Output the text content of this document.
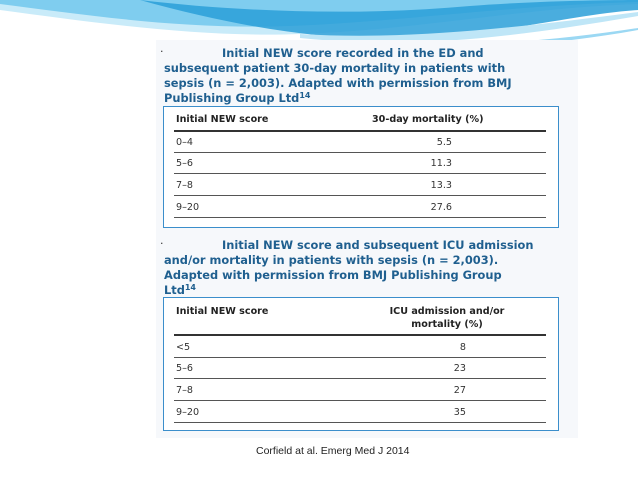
.	Initial NEW score recorded in the ED and
subsequent patient 30-day mortality in patients with
sepsis (n = 2,003). Adapted with permission from BMJ
Publishing Group Ltd$^{14}$
Initial NEW score	30-day mortality (%)
0–4	5.5
5–6	11.3
7–8	13.3
9–20	27.6
.	Initial NEW score and subsequent ICU admission
and/or mortality in patients with sepsis (n = 2,003).
Adapted with permission from BMJ Publishing Group
Ltd$^{14}$
Initial NEW score	ICU admission and/or
mortality (%)
<5	8
5–6	23
7–8	27
9–20	35
Corfield at al. Emerg Med J 2014
